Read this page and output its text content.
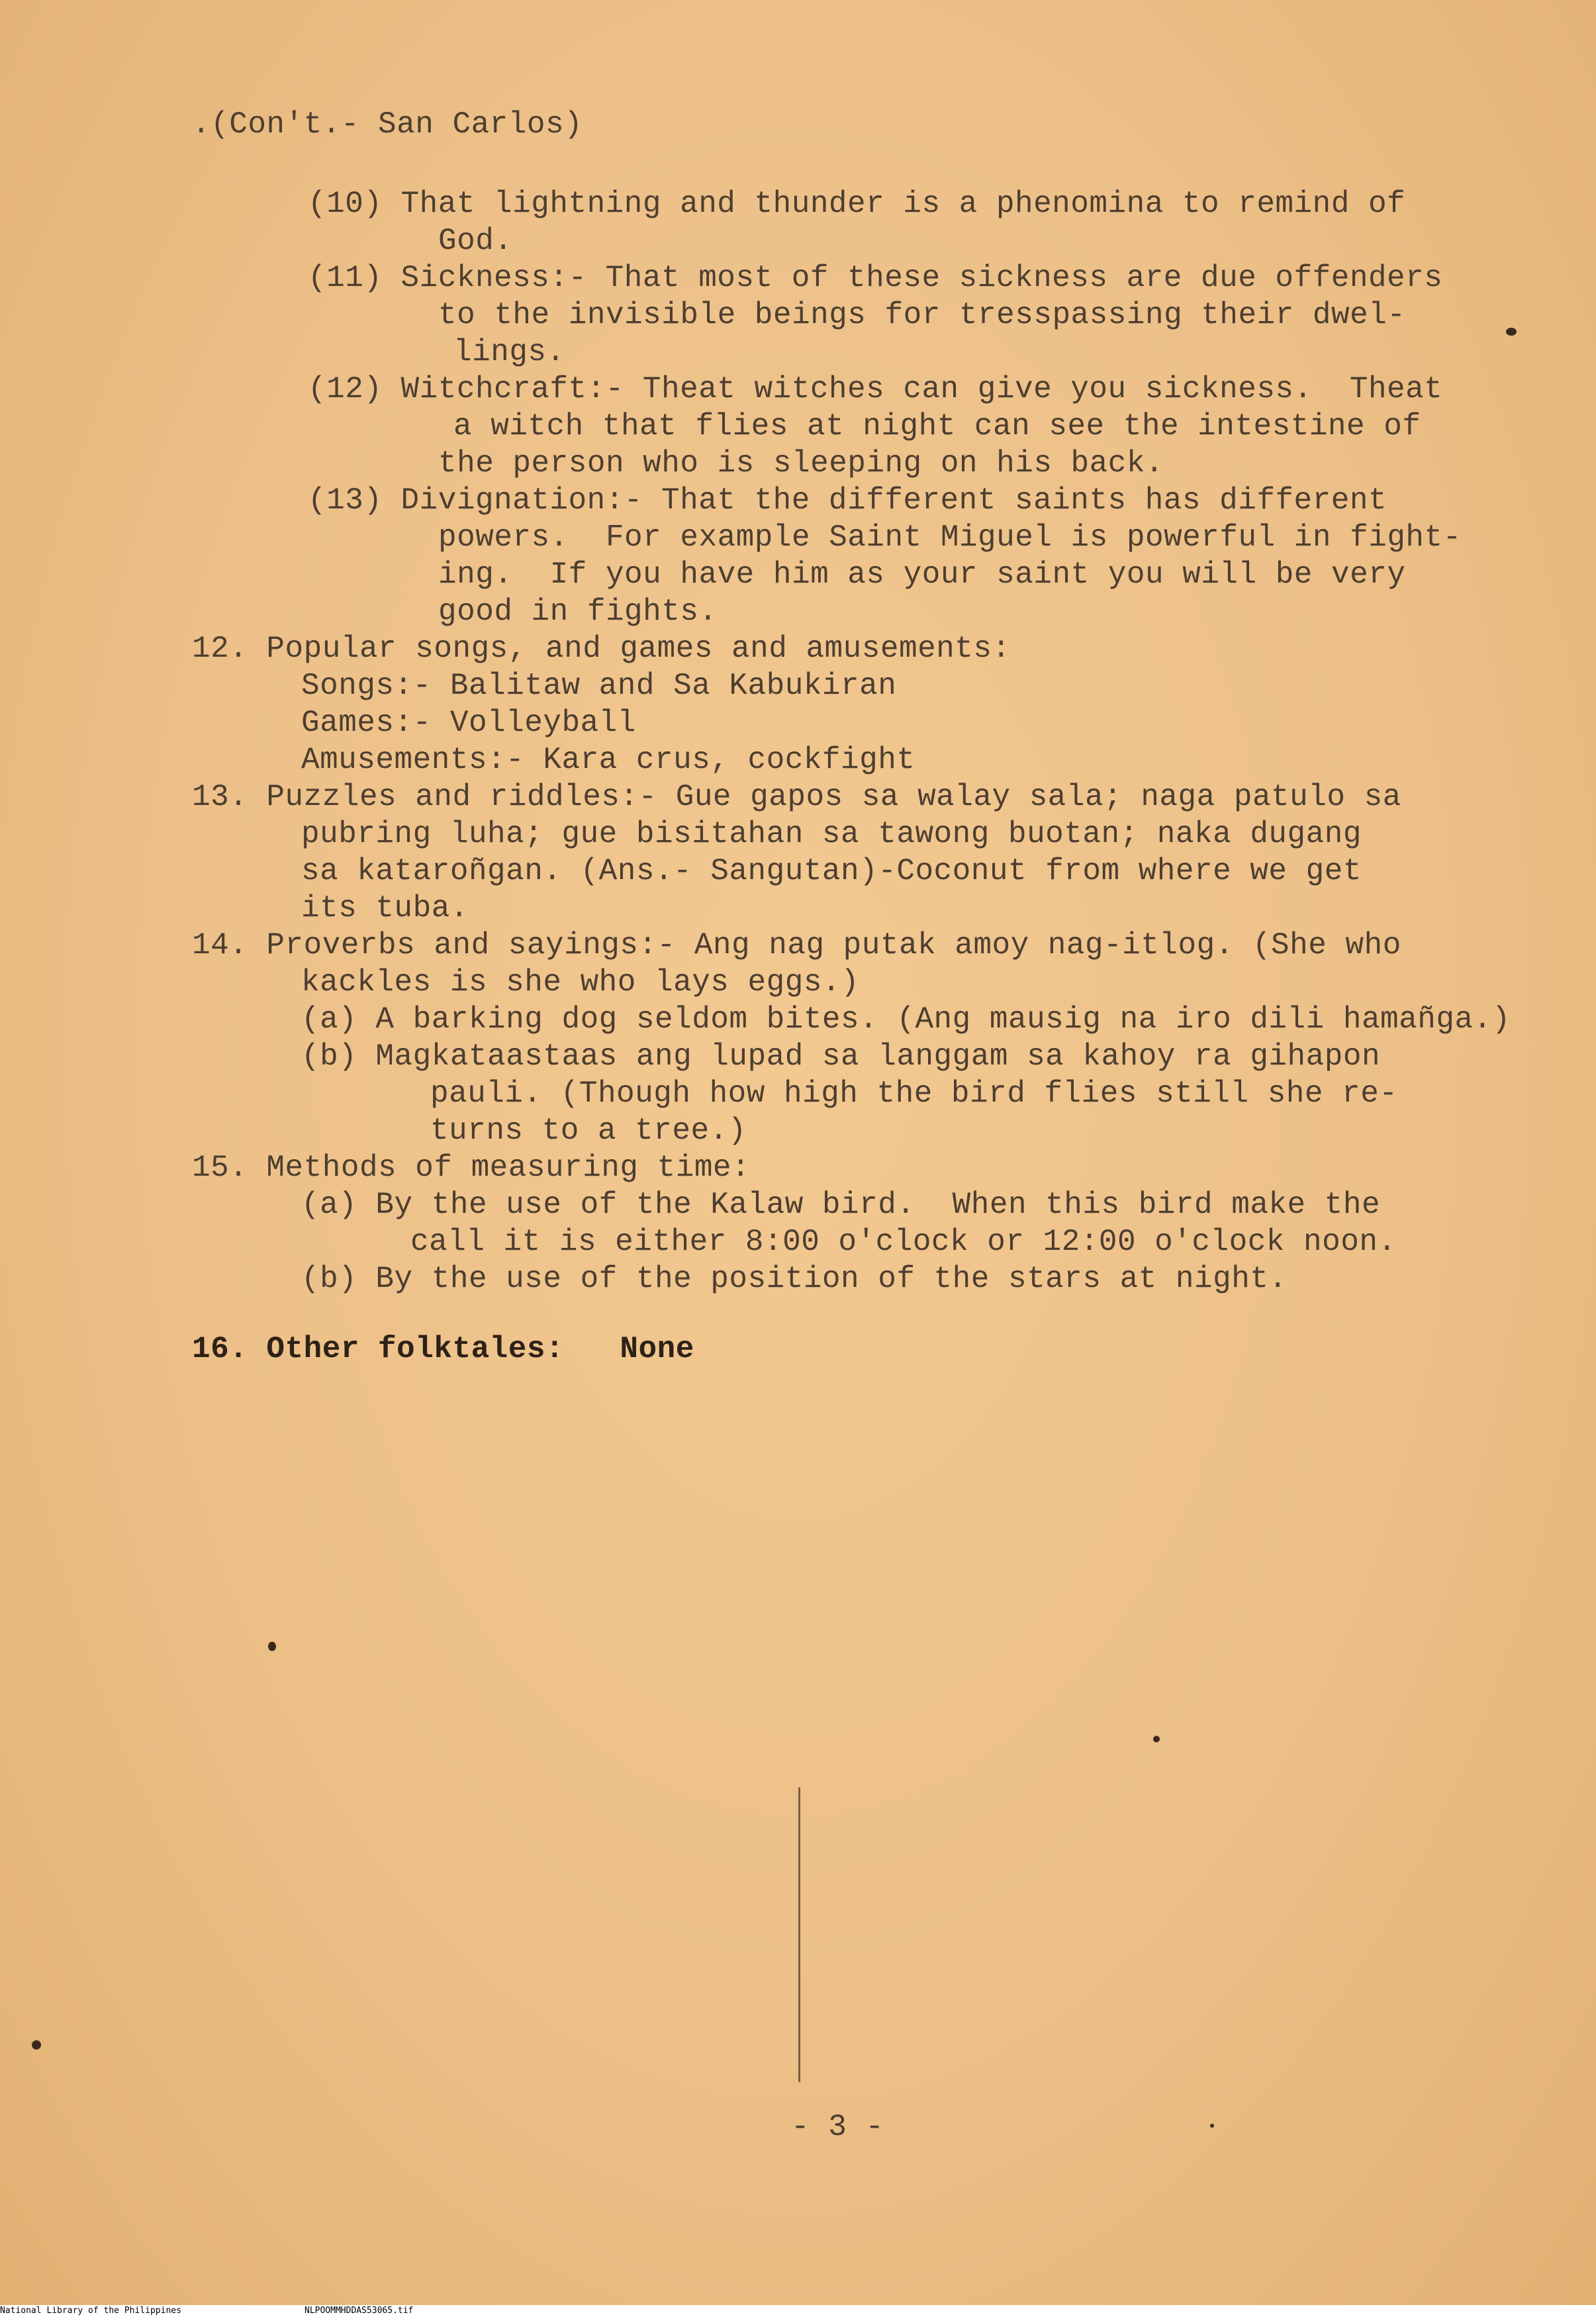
.(Con't.- San Carlos)

(10) That lightning and thunder is a phenomina to remind of

God.

(11) Sickness:- That most of these sickness are due offenders

to the invisible beings for tresspassing their dwel-

lings.

(12) Witchcraft:- Theat witches can give you sickness.  Theat

a witch that flies at night can see the intestine of

the person who is sleeping on his back.

(13) Divignation:- That the different saints has different

powers.  For example Saint Miguel is powerful in fight-

ing.  If you have him as your saint you will be very

good in fights.

12. Popular songs, and games and amusements:

Songs:- Balitaw and Sa Kabukiran

Games:- Volleyball

Amusements:- Kara crus, cockfight

13. Puzzles and riddles:- Gue gapos sa walay sala; naga patulo sa

pubring luha; gue bisitahan sa tawong buotan; naka dugang

sa kataroñgan. (Ans.- Sangutan)-Coconut from where we get

its tuba.

14. Proverbs and sayings:- Ang nag putak amoy nag-itlog. (She who

kackles is she who lays eggs.)

(a) A barking dog seldom bites. (Ang mausig na iro dili hamañga.)

(b) Magkataastaas ang lupad sa langgam sa kahoy ra gihapon

pauli. (Though how high the bird flies still she re-

turns to a tree.)

15. Methods of measuring time:

(a) By the use of the Kalaw bird.  When this bird make the

call it is either 8:00 o'clock or 12:00 o'clock noon.

(b) By the use of the position of the stars at night.

16. Other folktales:   None

- 3 -

National Library of the Philippines	NLPOOMMHDDAS53065.tif
